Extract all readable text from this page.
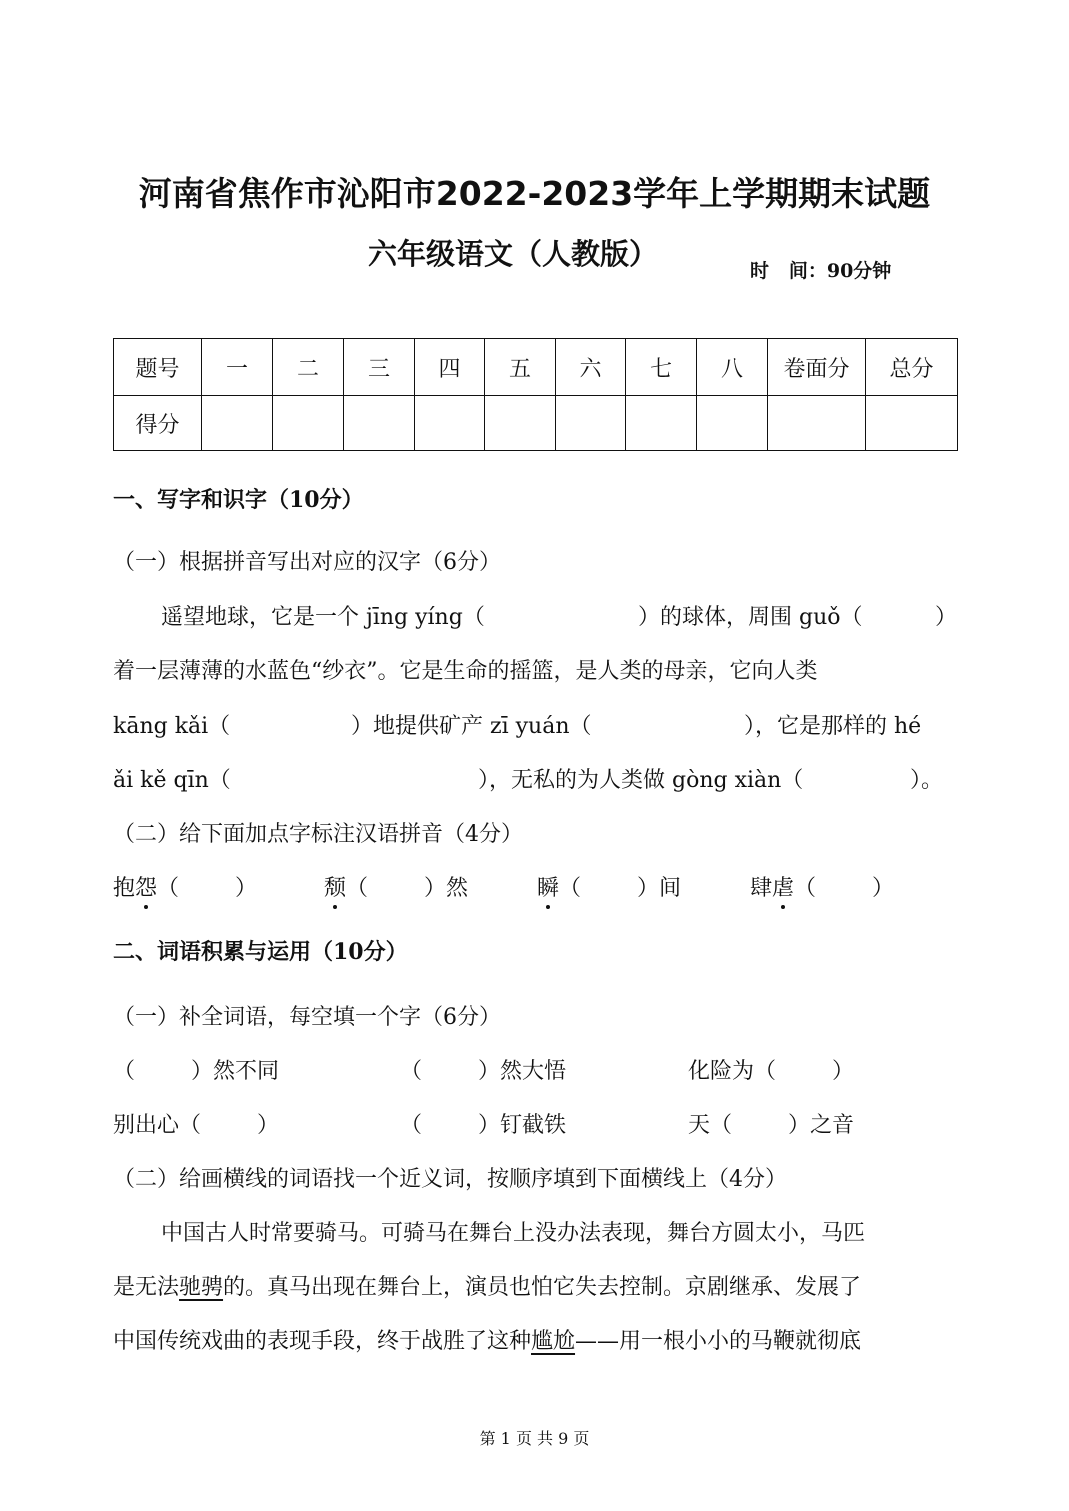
河南省焦作市沁阳市2022-2023学年上学期期末试题
六年级语文（人教版）	时   间：90分钟
题号	一	二	三	四	五	六	七	八	卷面分	总分
得分										
一、写字和识字（10分）
（一）根据拼音写出对应的汉字（6分）
遥望地球，它是一个 jīng yíng（	）的球体，周围 guǒ（	）
着一层薄薄的水蓝色“纱衣”。它是生命的摇篮，是人类的母亲，它向人类
kāng kǎi（	）地提供矿产 zī yuán（	），它是那样的 hé
ǎi kě qīn（	），无私的为人类做 gòng xiàn（	）。
（二）给下面加点字标注汉语拼音（4分）
抱怨（        ）	颓（        ）然	瞬（        ）间	肆虐（        ）
二、词语积累与运用（10分）
（一）补全词语，每空填一个字（6分）
（        ）然不同	（        ）然大悟	化险为（        ）
别出心（        ）	（        ）钉截铁	天（        ）之音
（二）给画横线的词语找一个近义词，按顺序填到下面横线上（4分）
中国古人时常要骑马。可骑马在舞台上没办法表现，舞台方圆太小，马匹
是无法驰骋的。真马出现在舞台上，演员也怕它失去控制。京剧继承、发展了
中国传统戏曲的表现手段，终于战胜了这种尴尬——用一根小小的马鞭就彻底
第 1 页 共 9 页
